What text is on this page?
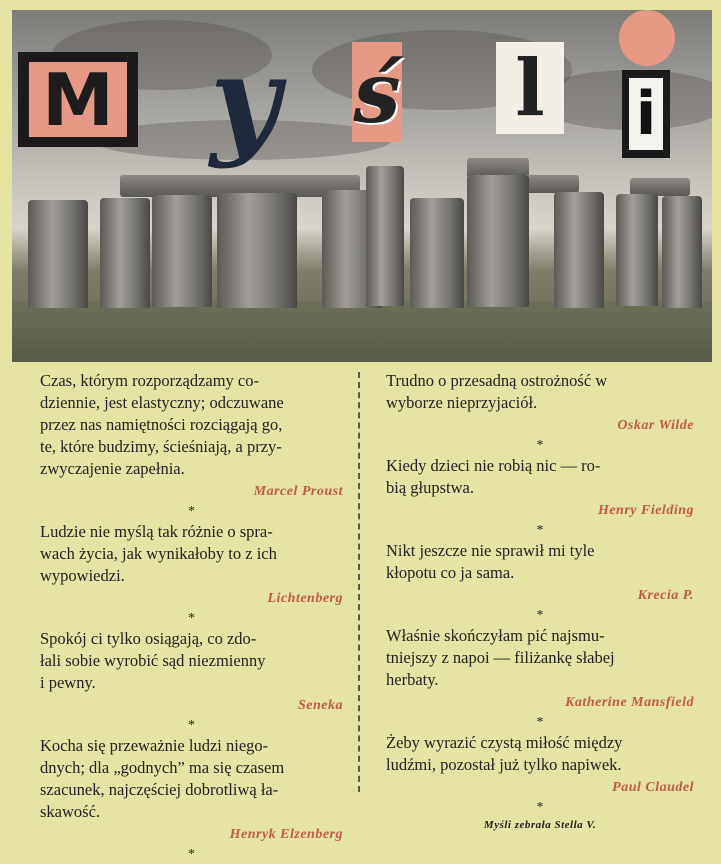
M y ś l i

Czas, którym rozporządzamy co-

dziennie, jest elastyczny; odczuwane

przez nas namiętności rozciągają go,

te, które budzimy, ścieśniają, a przy-

zwyczajenie zapełnia.

Marcel Proust
*

Ludzie nie myślą tak różnie o spra-

wach życia, jak wynikałoby to z ich

wypowiedzi.

Lichtenberg
*

Spokój ci tylko osiągają, co zdo-

łali sobie wyrobić sąd niezmienny

i pewny.

Seneka
*

Kocha się przeważnie ludzi niego-

dnych; dla „godnych” ma się czasem

szacunek, najczęściej dobrotliwą ła-

skawość.

Henryk Elzenberg
*

Trudno o przesadną ostrożność w

wyborze nieprzyjaciół.

Oskar Wilde
*

Kiedy dzieci nie robią nic — ro-

bią głupstwa.

Henry Fielding
*

Nikt jeszcze nie sprawił mi tyle

kłopotu co ja sama.

Krecia P.
*

Właśnie skończyłam pić najsmu-

tniejszy z napoi — filiżankę słabej

herbaty.

Katherine Mansfield
*

Żeby wyrazić czystą miłość między

ludźmi, pozostał już tylko napiwek.

Paul Claudel
*
Myśli zebrała Stella V.
